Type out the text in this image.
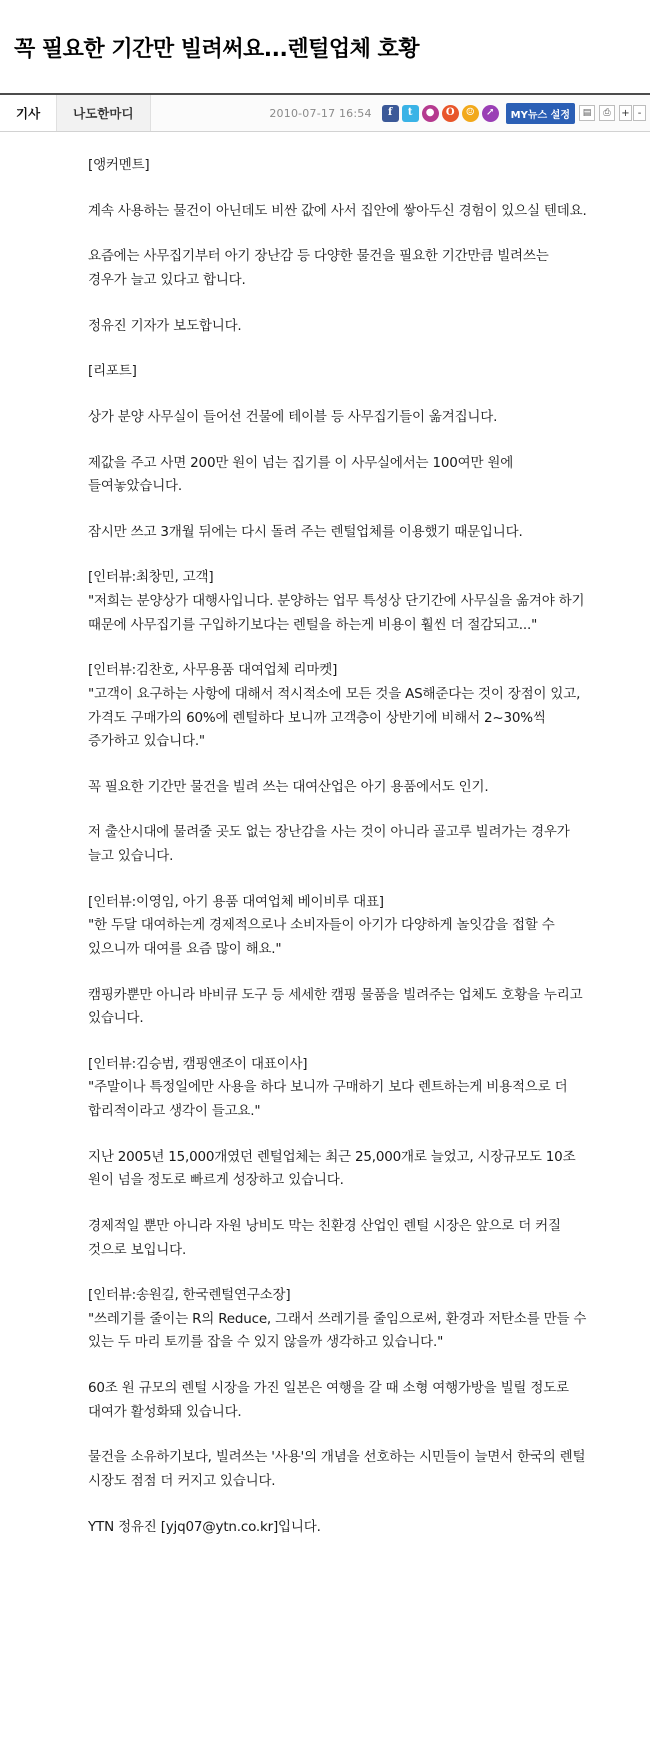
꼭 필요한 기간만 빌려써요...렌털업체 호황
기사	나도한마디	2010-07-17 16:54	f	t	●	O	☺	↗	MY뉴스 설정	▤	⎙	+ -

[앵커멘트]

계속 사용하는 물건이 아닌데도 비싼 값에 사서 집안에 쌓아두신 경험이 있으실 텐데요.

요즘에는 사무집기부터 아기 장난감 등 다양한 물건을 필요한 기간만큼 빌려쓰는 경우가 늘고 있다고 합니다.

정유진 기자가 보도합니다.

[리포트]

상가 분양 사무실이 들어선 건물에 테이블 등 사무집기들이 옮겨집니다.

제값을 주고 사면 200만 원이 넘는 집기를 이 사무실에서는 100여만 원에 들여놓았습니다.

잠시만 쓰고 3개월 뒤에는 다시 돌려 주는 렌털업체를 이용했기 때문입니다.

[인터뷰:최창민, 고객]
"저희는 분양상가 대행사입니다. 분양하는 업무 특성상 단기간에 사무실을 옮겨야 하기 때문에 사무집기를 구입하기보다는 렌털을 하는게 비용이 훨씬 더 절감되고..."

[인터뷰:김찬호, 사무용품 대여업체 리마켓]
"고객이 요구하는 사항에 대해서 적시적소에 모든 것을 AS해준다는 것이 장점이 있고, 가격도 구매가의 60%에 렌털하다 보니까 고객층이 상반기에 비해서 2~30%씩 증가하고 있습니다."

꼭 필요한 기간만 물건을 빌려 쓰는 대여산업은 아기 용품에서도 인기.

저 출산시대에 물려줄 곳도 없는 장난감을 사는 것이 아니라 골고루 빌려가는 경우가 늘고 있습니다.

[인터뷰:이영임, 아기 용품 대여업체 베이비루 대표]
"한 두달 대여하는게 경제적으로나 소비자들이 아기가 다양하게 놀잇감을 접할 수 있으니까 대여를 요즘 많이 해요."

캠핑카뿐만 아니라 바비큐 도구 등 세세한 캠핑 물품을 빌려주는 업체도 호황을 누리고 있습니다.

[인터뷰:김승범, 캠핑앤조이 대표이사]
"주말이나 특정일에만 사용을 하다 보니까 구매하기 보다 렌트하는게 비용적으로 더 합리적이라고 생각이 들고요."

지난 2005년 15,000개였던 렌털업체는 최근 25,000개로 늘었고, 시장규모도 10조 원이 넘을 정도로 빠르게 성장하고 있습니다.

경제적일 뿐만 아니라 자원 낭비도 막는 친환경 산업인 렌털 시장은 앞으로 더 커질 것으로 보입니다.

[인터뷰:송원길, 한국렌털연구소장]
"쓰레기를 줄이는 R의 Reduce, 그래서 쓰레기를 줄임으로써, 환경과 저탄소를 만들 수 있는 두 마리 토끼를 잡을 수 있지 않을까 생각하고 있습니다."

60조 원 규모의 렌털 시장을 가진 일본은 여행을 갈 때 소형 여행가방을 빌릴 정도로 대여가 활성화돼 있습니다.

물건을 소유하기보다, 빌려쓰는 '사용'의 개념을 선호하는 시민들이 늘면서 한국의 렌털 시장도 점점 더 커지고 있습니다.

YTN 정유진 [yjq07@ytn.co.kr]입니다.
